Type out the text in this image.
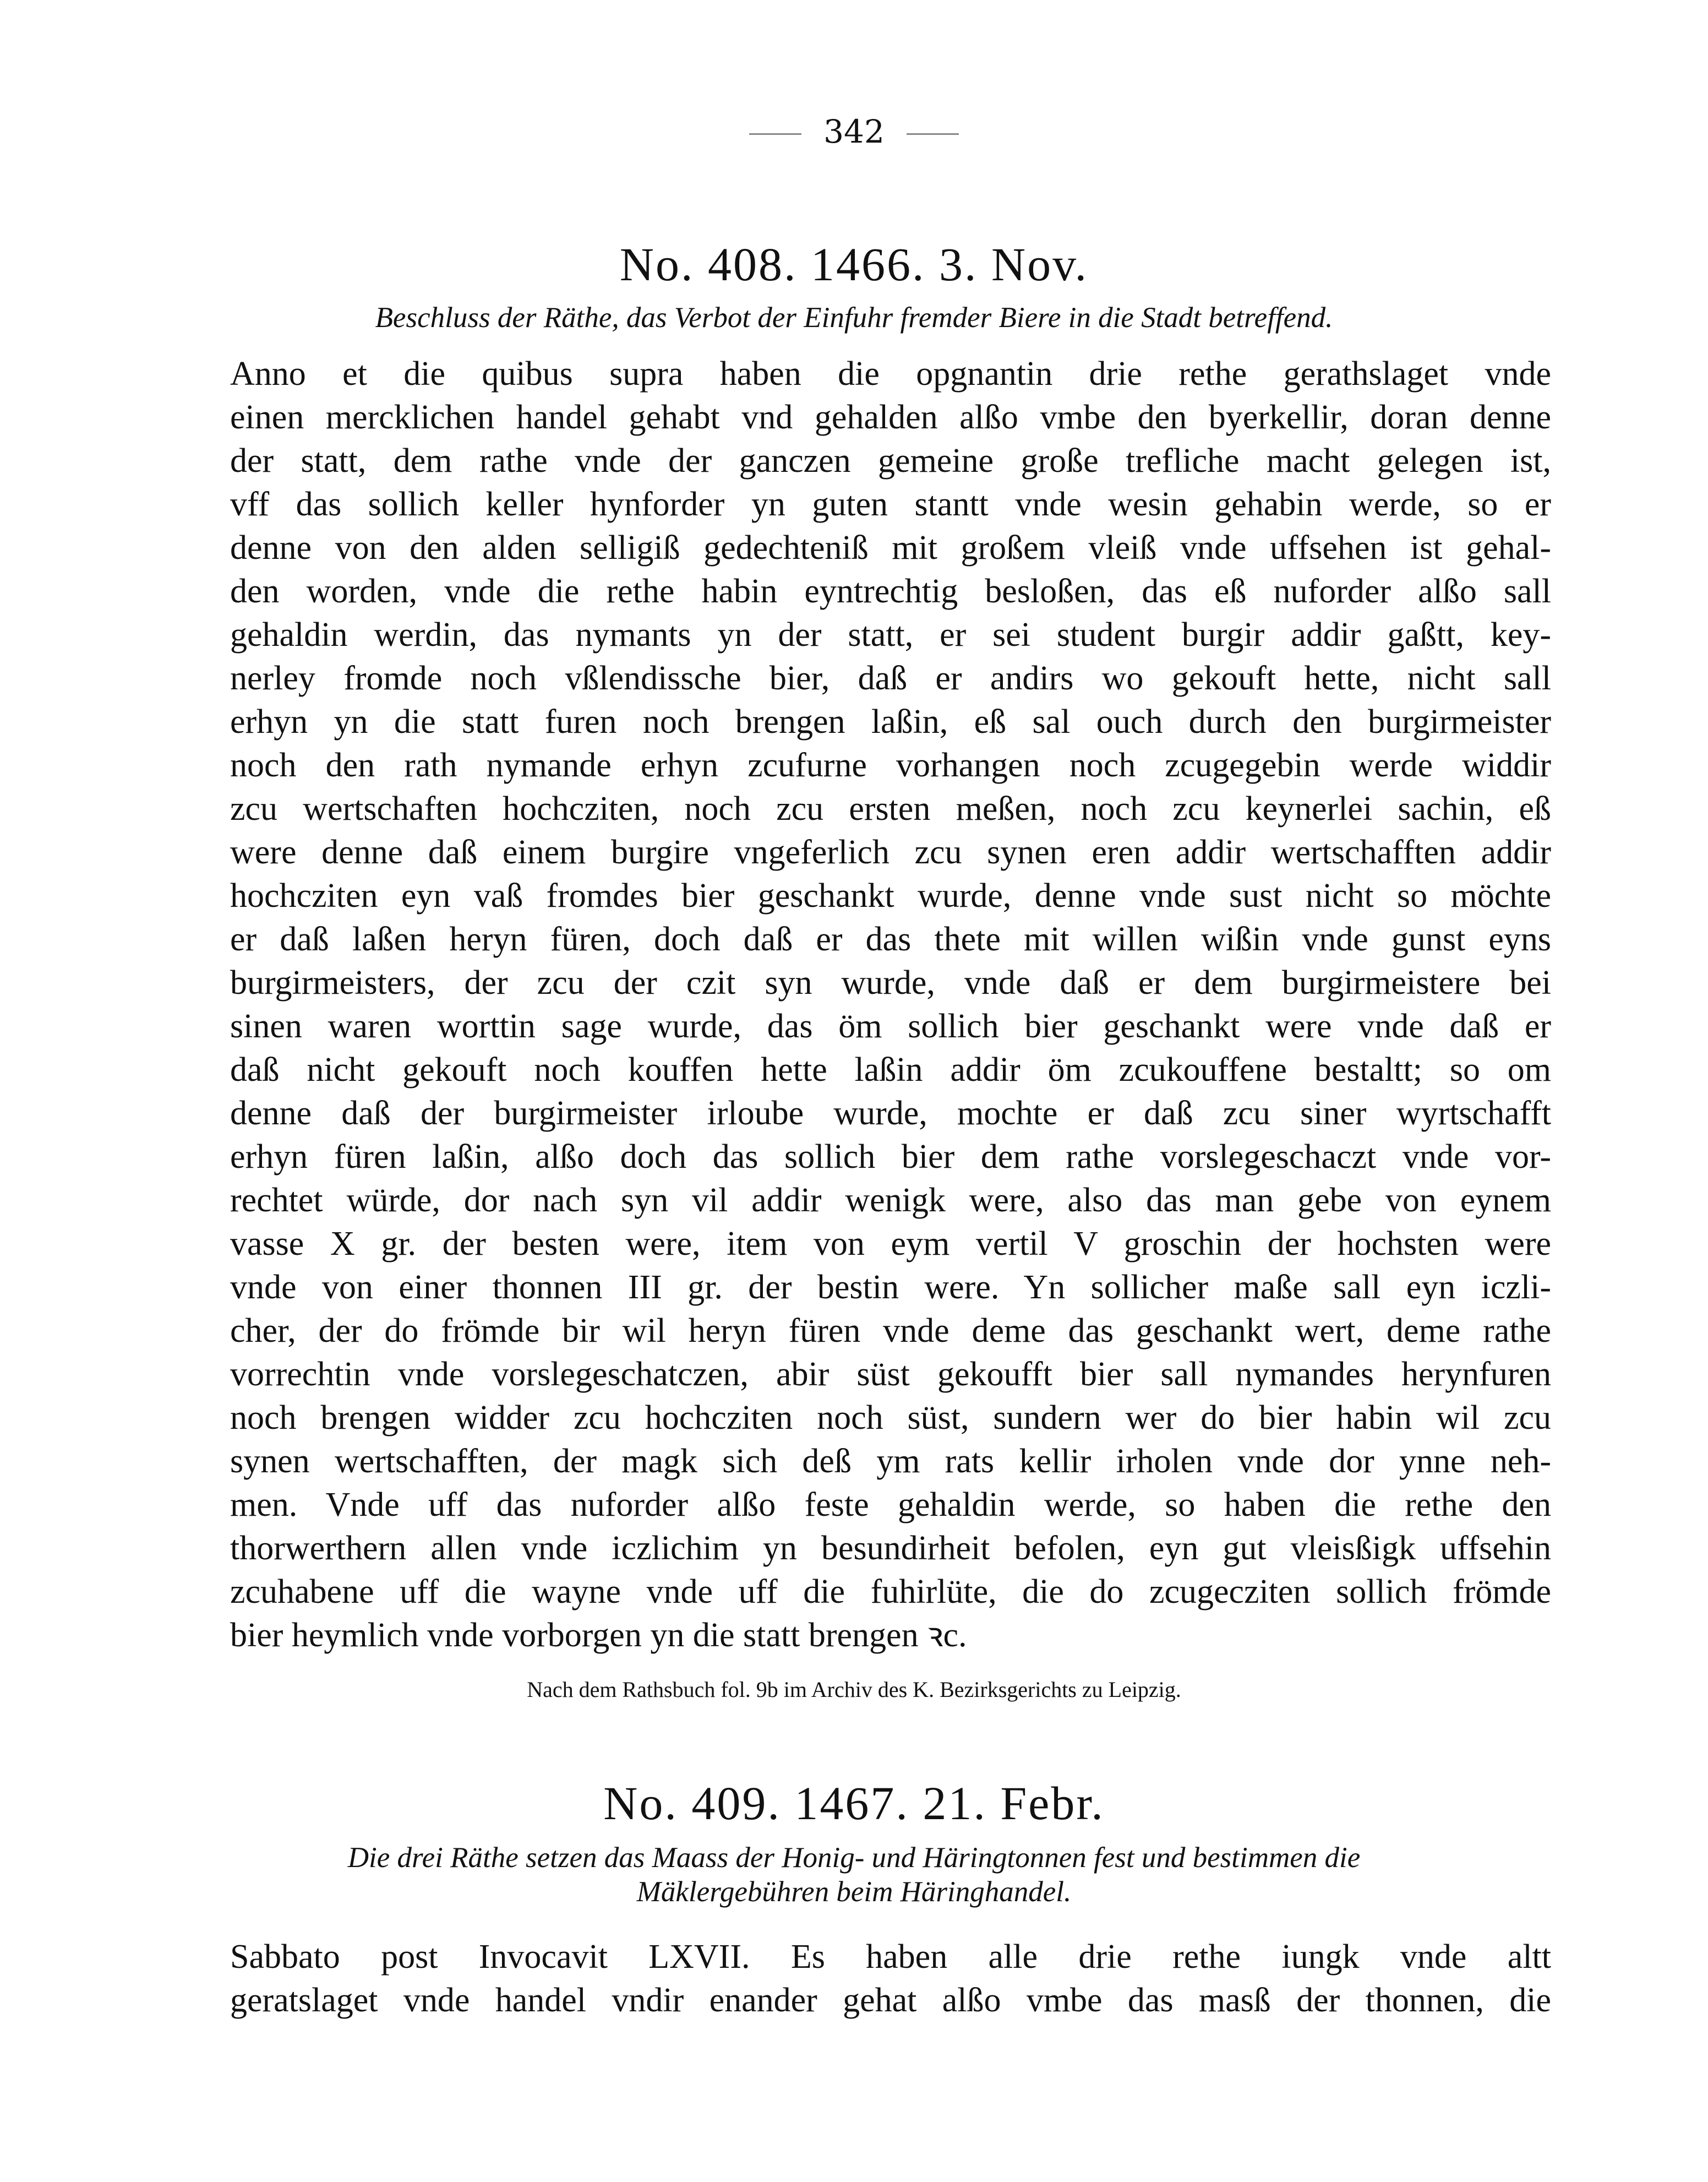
342
No. 408. 1466. 3. Nov.
Beschluss der Räthe, das Verbot der Einfuhr fremder Biere in die Stadt betreffend.
Anno et die quibus supra haben die opgnantin drie rethe gerathslaget vnde
einen mercklichen handel gehabt vnd gehalden alßo vmbe den byerkellir, doran denne
der statt, dem rathe vnde der ganczen gemeine große trefliche macht gelegen ist,
vff das sollich keller hynforder yn guten stantt vnde wesin gehabin werde, so er
denne von den alden selligiß gedechteniß mit großem vleiß vnde uffsehen ist gehal-
den worden, vnde die rethe habin eyntrechtig besloßen, das eß nuforder alßo sall
gehaldin werdin, das nymants yn der statt, er sei student burgir addir gaßtt, key-
nerley fromde noch vßlendissche bier, daß er andirs wo gekouft hette, nicht sall
erhyn yn die statt furen noch brengen laßin, eß sal ouch durch den burgirmeister
noch den rath nymande erhyn zcufurne vorhangen noch zcugegebin werde widdir
zcu wertschaften hochcziten, noch zcu ersten meßen, noch zcu keynerlei sachin, eß
were denne daß einem burgire vngeferlich zcu synen eren addir wertschafften addir
hochcziten eyn vaß fromdes bier geschankt wurde, denne vnde sust nicht so möchte
er daß laßen heryn füren, doch daß er das thete mit willen wißin vnde gunst eyns
burgirmeisters, der zcu der czit syn wurde, vnde daß er dem burgirmeistere bei
sinen waren worttin sage wurde, das öm sollich bier geschankt were vnde daß er
daß nicht gekouft noch kouffen hette laßin addir öm zcukouffene bestaltt; so om
denne daß der burgirmeister irloube wurde, mochte er daß zcu siner wyrtschafft
erhyn füren laßin, alßo doch das sollich bier dem rathe vorslegeschaczt vnde vor-
rechtet würde, dor nach syn vil addir wenigk were, also das man gebe von eynem
vasse X gr. der besten were, item von eym vertil V groschin der hochsten were
vnde von einer thonnen III gr. der bestin were. Yn sollicher maße sall eyn iczli-
cher, der do frömde bir wil heryn füren vnde deme das geschankt wert, deme rathe
vorrechtin vnde vorslegeschatczen, abir süst gekoufft bier sall nymandes herynfuren
noch brengen widder zcu hochcziten noch süst, sundern wer do bier habin wil zcu
synen wertschafften, der magk sich deß ym rats kellir irholen vnde dor ynne neh-
men. Vnde uff das nuforder alßo feste gehaldin werde, so haben die rethe den
thorwerthern allen vnde iczlichim yn besundirheit befolen, eyn gut vleisßigk uffsehin
zcuhabene uff die wayne vnde uff die fuhirlüte, die do zcugecziten sollich frömde
bier heymlich vnde vorborgen yn die statt brengen ꝛc.
Nach dem Rathsbuch fol. 9b im Archiv des K. Bezirksgerichts zu Leipzig.
No. 409. 1467. 21. Febr.
Die drei Räthe setzen das Maass der Honig- und Häringtonnen fest und bestimmen die
Mäklergebühren beim Häringhandel.
Sabbato post Invocavit LXVII. Es haben alle drie rethe iungk vnde altt
geratslaget vnde handel vndir enander gehat alßo vmbe das masß der thonnen, die
